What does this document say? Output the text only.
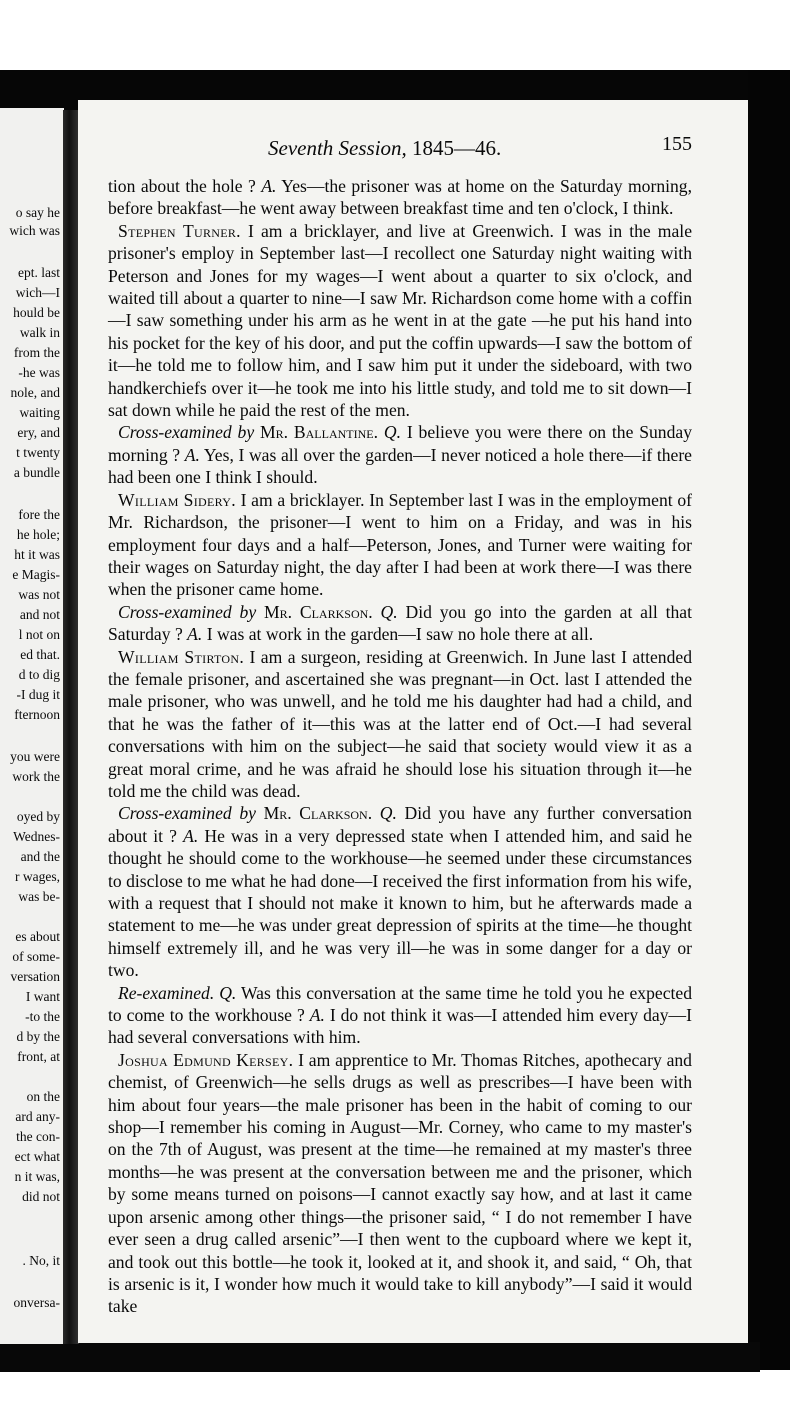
o say he
wich was
ept. last
wich—I
hould be
walk in
from the
-he was
nole, and
waiting
ery, and
t twenty
a bundle
fore the
he hole;
ht it was
e Magis-
was not
and not
l not on
ed that.
d to dig
-I dug it
fternoon
you were
work the
oyed by
Wednes-
and the
r wages,
was be-
es about
of some-
versation
I want
-to the
d by the
front, at
on the
ard any-
the con-
ect what
n it was,
did not
. No, it
onversa-
Seventh Session, 1845—46.	155

tion about the hole ? A. Yes—the prisoner was at home on the Saturday morning, before breakfast—he went away between breakfast time and ten o'clock, I think.

Stephen Turner. I am a bricklayer, and live at Greenwich. I was in the male prisoner's employ in September last—I recollect one Saturday night waiting with Peterson and Jones for my wages—I went about a quarter to six o'clock, and waited till about a quarter to nine—I saw Mr. Richardson come home with a coffin—I saw something under his arm as he went in at the gate —he put his hand into his pocket for the key of his door, and put the coffin upwards—I saw the bottom of it—he told me to follow him, and I saw him put it under the sideboard, with two handkerchiefs over it—he took me into his little study, and told me to sit down—I sat down while he paid the rest of the men.

Cross-examined by Mr. Ballantine. Q. I believe you were there on the Sunday morning ? A. Yes, I was all over the garden—I never noticed a hole there—if there had been one I think I should.

William Sidery. I am a bricklayer. In September last I was in the employment of Mr. Richardson, the prisoner—I went to him on a Friday, and was in his employment four days and a half—Peterson, Jones, and Turner were waiting for their wages on Saturday night, the day after I had been at work there—I was there when the prisoner came home.

Cross-examined by Mr. Clarkson. Q. Did you go into the garden at all that Saturday ? A. I was at work in the garden—I saw no hole there at all.

William Stirton. I am a surgeon, residing at Greenwich. In June last I attended the female prisoner, and ascertained she was pregnant—in Oct. last I attended the male prisoner, who was unwell, and he told me his daughter had had a child, and that he was the father of it—this was at the latter end of Oct.—I had several conversations with him on the subject—he said that society would view it as a great moral crime, and he was afraid he should lose his situation through it—he told me the child was dead.

Cross-examined by Mr. Clarkson. Q. Did you have any further conversation about it ? A. He was in a very depressed state when I attended him, and said he thought he should come to the workhouse—he seemed under these circumstances to disclose to me what he had done—I received the first information from his wife, with a request that I should not make it known to him, but he afterwards made a statement to me—he was under great depression of spirits at the time—he thought himself extremely ill, and he was very ill—he was in some danger for a day or two.

Re-examined. Q. Was this conversation at the same time he told you he expected to come to the workhouse ? A. I do not think it was—I attended him every day—I had several conversations with him.

Joshua Edmund Kersey. I am apprentice to Mr. Thomas Ritches, apothecary and chemist, of Greenwich—he sells drugs as well as prescribes—I have been with him about four years—the male prisoner has been in the habit of coming to our shop—I remember his coming in August—Mr. Corney, who came to my master's on the 7th of August, was present at the time—he remained at my master's three months—he was present at the conversation between me and the prisoner, which by some means turned on poisons—I cannot exactly say how, and at last it came upon arsenic among other things—the prisoner said, “ I do not remember I have ever seen a drug called arsenic”—I then went to the cupboard where we kept it, and took out this bottle—he took it, looked at it, and shook it, and said, “ Oh, that is arsenic is it, I wonder how much it would take to kill anybody”—I said it would take
